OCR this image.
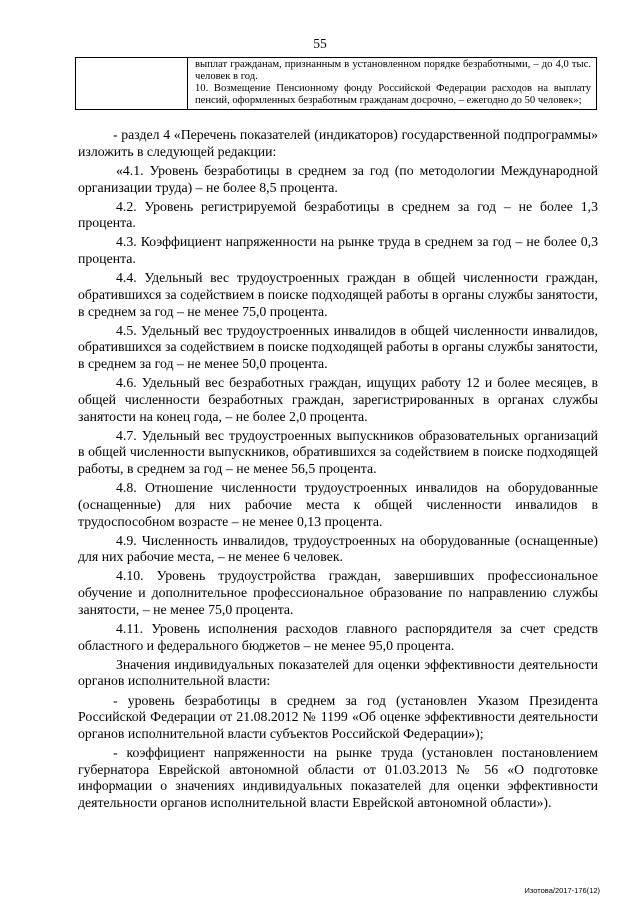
55

выплат гражданам, признанным в установленном порядке безработными, – до 4,0 тыс. человек в год.

10. Возмещение Пенсионному фонду Российской Федерации расходов на выплату пенсий, оформленных безработным гражданам досрочно, – ежегодно до 50 человек»;

- раздел 4 «Перечень показателей (индикаторов) государственной подпрограммы» изложить в следующей редакции:

«4.1. Уровень безработицы в среднем за год (по методологии Международной организации труда) – не более 8,5 процента.

4.2. Уровень регистрируемой безработицы в среднем за год – не более 1,3 процента.

4.3. Коэффициент напряженности на рынке труда в среднем за год – не более 0,3 процента.

4.4. Удельный вес трудоустроенных граждан в общей численности граждан, обратившихся за содействием в поиске подходящей работы в органы службы занятости, в среднем за год – не менее 75,0 процента.

4.5. Удельный вес трудоустроенных инвалидов в общей численности инвалидов, обратившихся за содействием в поиске подходящей работы в органы службы занятости, в среднем за год – не менее 50,0 процента.

4.6. Удельный вес безработных граждан, ищущих работу 12 и более месяцев, в общей численности безработных граждан, зарегистрированных в органах службы занятости на конец года, – не более 2,0 процента.

4.7. Удельный вес трудоустроенных выпускников образовательных организаций в общей численности выпускников, обратившихся за содействием в поиске подходящей работы, в среднем за год – не менее 56,5 процента.

4.8. Отношение численности трудоустроенных инвалидов на оборудованные (оснащенные) для них рабочие места к общей численности инвалидов в трудоспособном возрасте – не менее 0,13 процента.

4.9. Численность инвалидов, трудоустроенных на оборудованные (оснащенные) для них рабочие места, – не менее 6 человек.

4.10. Уровень трудоустройства граждан, завершивших профессиональное обучение и дополнительное профессиональное образование по направлению службы занятости, – не менее 75,0 процента.

4.11. Уровень исполнения расходов главного распорядителя за счет средств областного и федерального бюджетов – не менее 95,0 процента.

Значения индивидуальных показателей для оценки эффективности деятельности органов исполнительной власти:

- уровень безработицы в среднем за год (установлен Указом Президента Российской Федерации от 21.08.2012 № 1199 «Об оценке эффективности деятельности органов исполнительной власти субъектов Российской Федерации»);

- коэффициент напряженности на рынке труда (установлен постановлением губернатора Еврейской автономной области от 01.03.2013 № 56 «О подготовке информации о значениях индивидуальных показателей для оценки эффективности деятельности органов исполнительной власти Еврейской автономной области»).

Изотова/2017-176(12)
